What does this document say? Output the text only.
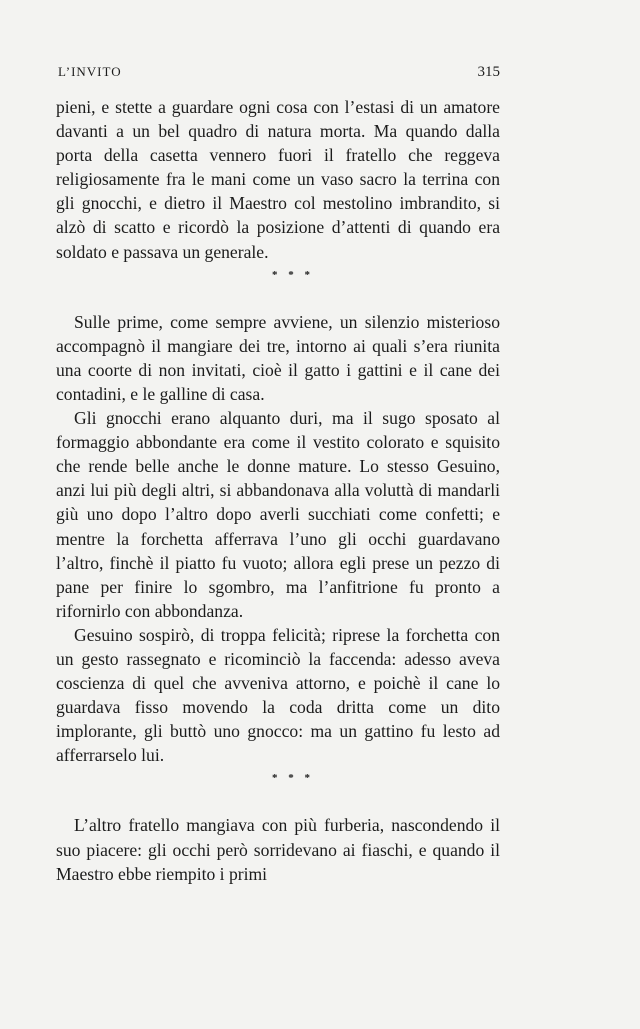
L’INVITO	315

pieni, e stette a guardare ogni cosa con l’estasi di un amatore davanti a un bel quadro di natura morta. Ma quando dalla porta della casetta vennero fuori il fratello che reggeva religiosamente fra le mani come un vaso sacro la terrina con gli gnocchi, e dietro il Maestro col mestolino imbrandito, si alzò di scatto e ricordò la posizione d’attenti di quando era soldato e passava un generale.

* * *

Sulle prime, come sempre avviene, un silenzio misterioso accompagnò il mangiare dei tre, intorno ai quali s’era riunita una coorte di non invitati, cioè il gatto i gattini e il cane dei contadini, e le galline di casa.

Gli gnocchi erano alquanto duri, ma il sugo sposato al formaggio abbondante era come il vestito colorato e squisito che rende belle anche le donne mature. Lo stesso Gesuino, anzi lui più degli altri, si abbandonava alla voluttà di mandarli giù uno dopo l’altro dopo averli succhiati come confetti; e mentre la forchetta afferrava l’uno gli occhi guardavano l’altro, finchè il piatto fu vuoto; allora egli prese un pezzo di pane per finire lo sgombro, ma l’anfitrione fu pronto a rifornirlo con abbondanza.

Gesuino sospirò, di troppa felicità; riprese la forchetta con un gesto rassegnato e ricominciò la faccenda: adesso aveva coscienza di quel che avveniva attorno, e poichè il cane lo guardava fisso movendo la coda dritta come un dito implorante, gli buttò uno gnocco: ma un gattino fu lesto ad afferrarselo lui.

* * *

L’altro fratello mangiava con più furberia, nascondendo il suo piacere: gli occhi però sorridevano ai fiaschi, e quando il Maestro ebbe riempito i primi
